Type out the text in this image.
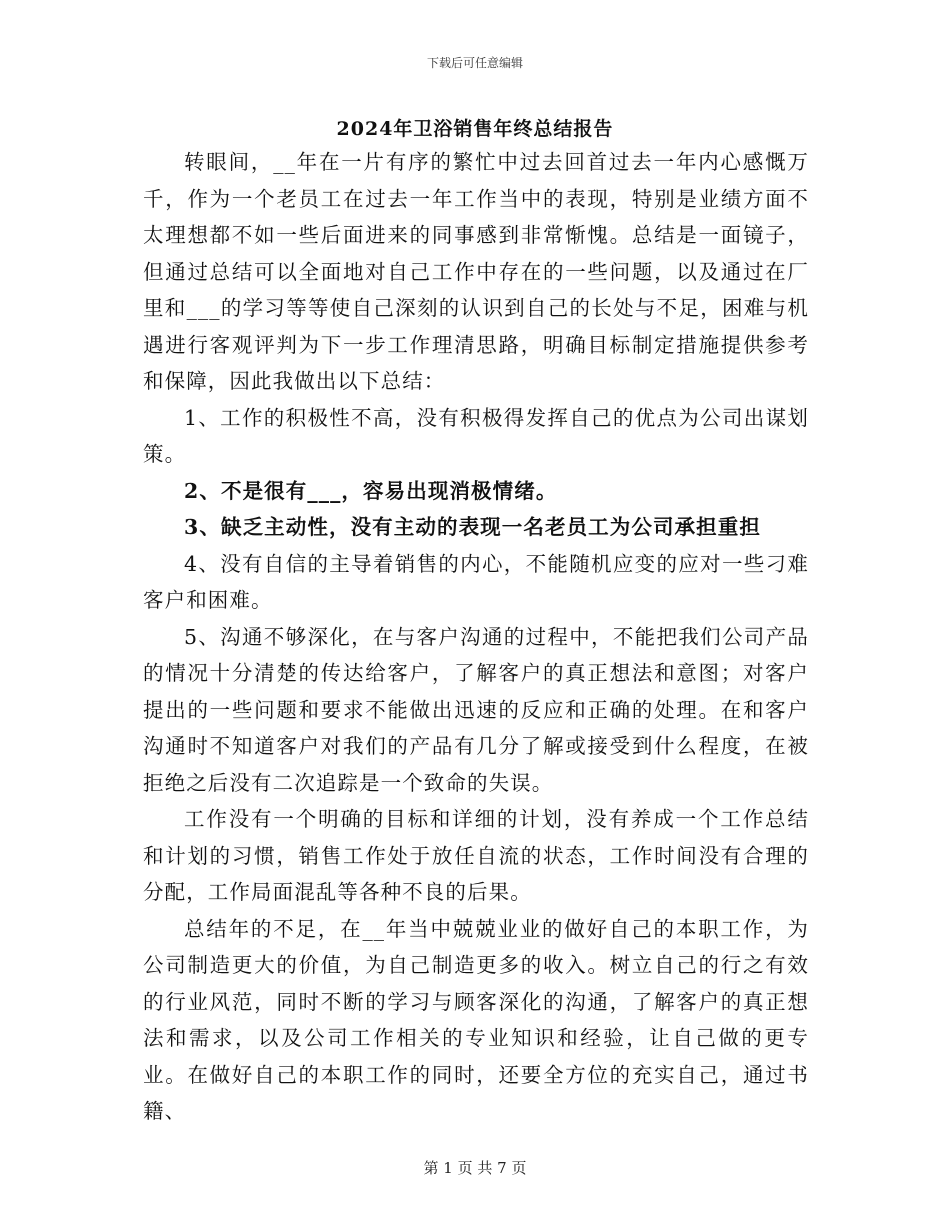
下载后可任意编辑
2024年卫浴销售年终总结报告

转眼间，__年在一片有序的繁忙中过去回首过去一年内心感慨万千，作为一个老员工在过去一年工作当中的表现，特别是业绩方面不太理想都不如一些后面进来的同事感到非常惭愧。总结是一面镜子，但通过总结可以全面地对自己工作中存在的一些问题，以及通过在厂里和___的学习等等使自己深刻的认识到自己的长处与不足，困难与机遇进行客观评判为下一步工作理清思路，明确目标制定措施提供参考和保障，因此我做出以下总结：

1、工作的积极性不高，没有积极得发挥自己的优点为公司出谋划策。

2、不是很有___，容易出现消极情绪。

3、缺乏主动性，没有主动的表现一名老员工为公司承担重担

4、没有自信的主导着销售的内心，不能随机应变的应对一些刁难客户和困难。

5、沟通不够深化，在与客户沟通的过程中，不能把我们公司产品的情况十分清楚的传达给客户，了解客户的真正想法和意图；对客户提出的一些问题和要求不能做出迅速的反应和正确的处理。在和客户沟通时不知道客户对我们的产品有几分了解或接受到什么程度，在被拒绝之后没有二次追踪是一个致命的失误。

工作没有一个明确的目标和详细的计划，没有养成一个工作总结和计划的习惯，销售工作处于放任自流的状态，工作时间没有合理的分配，工作局面混乱等各种不良的后果。

总结年的不足，在__年当中兢兢业业的做好自己的本职工作，为公司制造更大的价值，为自己制造更多的收入。树立自己的行之有效的行业风范，同时不断的学习与顾客深化的沟通，了解客户的真正想法和需求，以及公司工作相关的专业知识和经验，让自己做的更专业。在做好自己的本职工作的同时，还要全方位的充实自己，通过书籍、

第 1 页 共 7 页
